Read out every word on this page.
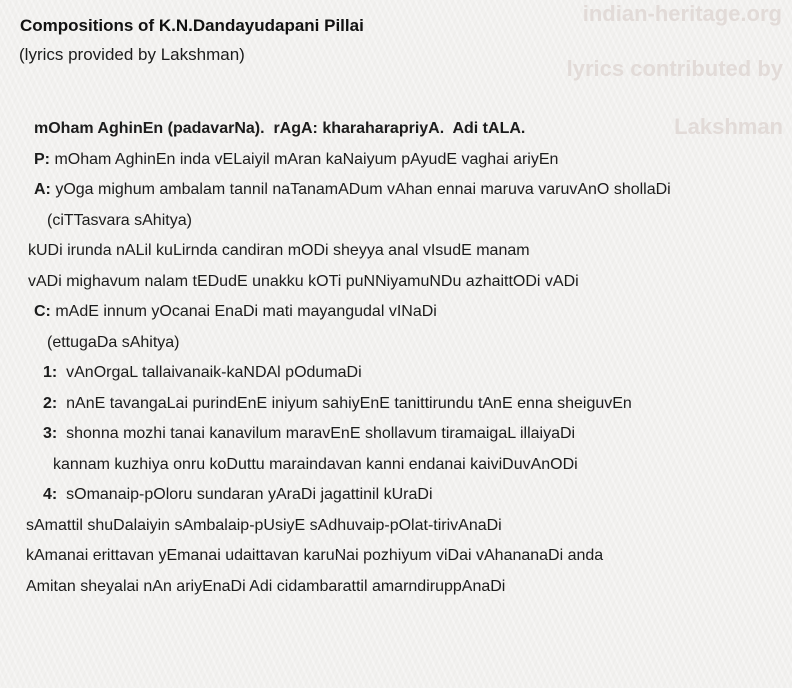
Compositions of K.N.Dandayudapani Pillai
(lyrics provided by Lakshman)
indian-heritage.org
lyrics contributed by
Lakshman
mOham AghinEn (padavarNa).  rAgA: kharaharapriyA.  Adi tALA.
P: mOham AghinEn inda vELaiyil mAran kaNaiyum pAyudE vaghai ariyEn
A: yOga mighum ambalam tannil naTanamADum vAhan ennai maruva varuvAnO shollaDi
(ciTTasvara sAhitya)
kUDi irunda nALil kuLirnda candiran mODi sheyya anal vIsudE manam
vADi mighavum nalam tEDudE unakku kOTi puNNiyamuNDu azhaittODi vADi
C: mAdE innum yOcanai EnaDi mati mayangudal vINaDi
(ettugaDa sAhitya)
1:  vAnOrgaL tallaivanaik-kaNDAl pOdumaDi
2:  nAnE tavangaLai purindEnE iniyum sahiyEnE tanittirundu tAnE enna sheiguvEn
3:  shonna mozhi tanai kanavilum maravEnE shollavum tiramaigaL illaiyaDi
kannam kuzhiya onru koDuttu maraindavan kanni endanai kaiviDuvAnODi
4:  sOmanaip-pOloru sundaran yAraDi jagattinil kUraDi
sAmattil shuDalaiyin sAmbalaip-pUsiyE sAdhuvaip-pOlat-tirivAnaDi
kAmanai erittavan yEmanai udaittavan karuNai pozhiyum viDai vAhananaDi anda
Amitan sheyalai nAn ariyEnaDi Adi cidambarattil amarndiruppAnaDi
